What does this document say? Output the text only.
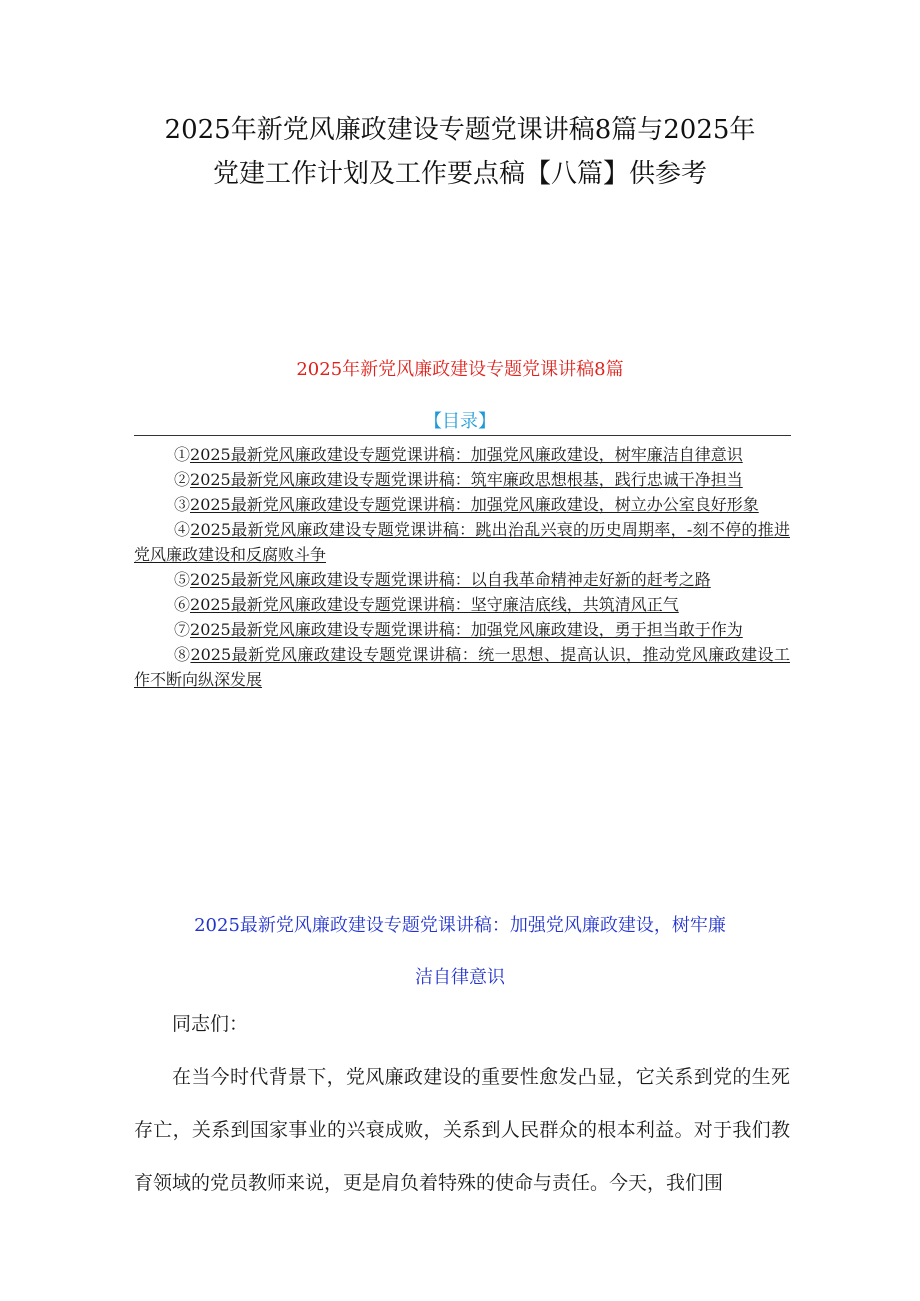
2025年新党风廉政建设专题党课讲稿8篇与2025年
党建工作计划及工作要点稿【八篇】供参考
2025年新党风廉政建设专题党课讲稿8篇
【目录】
①2025最新党风廉政建设专题党课讲稿：加强党风廉政建设，树牢廉洁自律意识
②2025最新党风廉政建设专题党课讲稿：筑牢廉政思想根基，践行忠诚干净担当
③2025最新党风廉政建设专题党课讲稿：加强党风廉政建设，树立办公室良好形象
④2025最新党风廉政建设专题党课讲稿：跳出治乱兴衰的历史周期率，-刻不停的推进党风廉政建设和反腐败斗争
⑤2025最新党风廉政建设专题党课讲稿：以自我革命精神走好新的赶考之路
⑥2025最新党风廉政建设专题党课讲稿：坚守廉洁底线，共筑清风正气
⑦2025最新党风廉政建设专题党课讲稿：加强党风廉政建设，勇于担当敢于作为
⑧2025最新党风廉政建设专题党课讲稿：统一思想、提高认识，推动党风廉政建设工作不断向纵深发展
2025最新党风廉政建设专题党课讲稿：加强党风廉政建设，树牢廉
洁自律意识

同志们：

在当今时代背景下，党风廉政建设的重要性愈发凸显，它关系到党的生死存亡，关系到国家事业的兴衰成败，关系到人民群众的根本利益。对于我们教育领域的党员教师来说，更是肩负着特殊的使命与责任。今天，我们围
